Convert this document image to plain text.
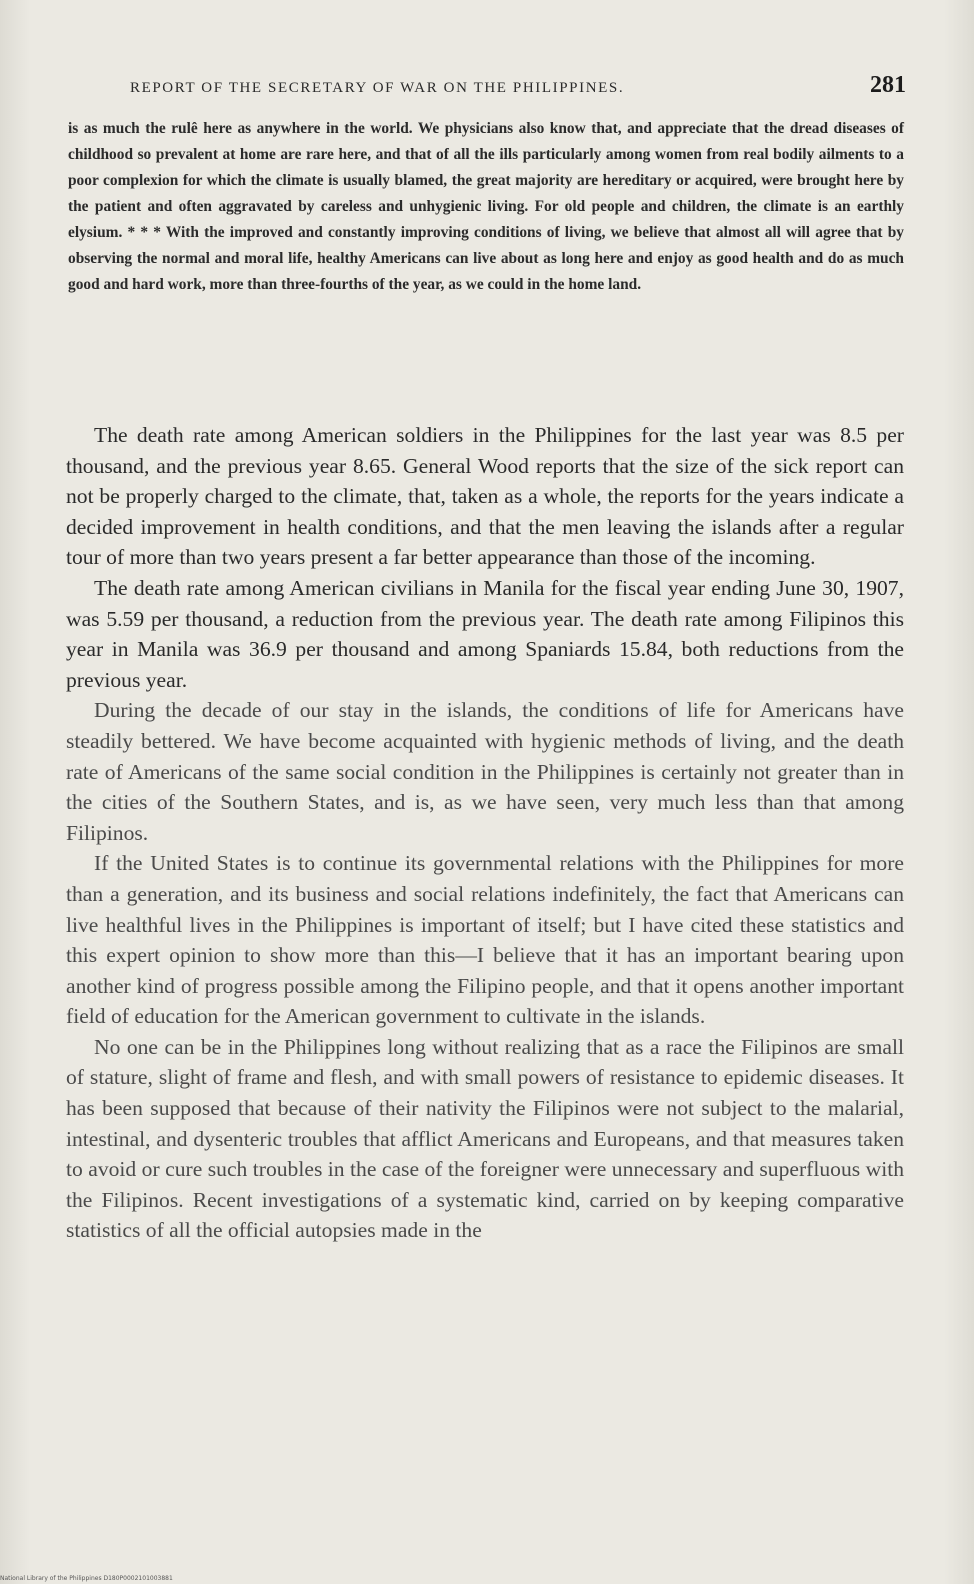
REPORT OF THE SECRETARY OF WAR ON THE PHILIPPINES.	281

is as much the rulê here as anywhere in the world. We physicians also know that, and appreciate that the dread diseases of childhood so prevalent at home are rare here, and that of all the ills particularly among women from real bodily ailments to a poor complexion for which the climate is usually blamed, the great majority are hereditary or acquired, were brought here by the patient and often aggravated by careless and unhygienic living. For old people and children, the climate is an earthly elysium. * * * With the improved and constantly improving conditions of living, we believe that almost all will agree that by observing the normal and moral life, healthy Americans can live about as long here and enjoy as good health and do as much good and hard work, more than three-fourths of the year, as we could in the home land.

The death rate among American soldiers in the Philippines for the last year was 8.5 per thousand, and the previous year 8.65. General Wood reports that the size of the sick report can not be properly charged to the climate, that, taken as a whole, the reports for the years indicate a decided improvement in health conditions, and that the men leaving the islands after a regular tour of more than two years present a far better appearance than those of the incoming.

The death rate among American civilians in Manila for the fiscal year ending June 30, 1907, was 5.59 per thousand, a reduction from the previous year. The death rate among Filipinos this year in Manila was 36.9 per thousand and among Spaniards 15.84, both reductions from the previous year.

During the decade of our stay in the islands, the conditions of life for Americans have steadily bettered. We have become acquainted with hygienic methods of living, and the death rate of Americans of the same social condition in the Philippines is certainly not greater than in the cities of the Southern States, and is, as we have seen, very much less than that among Filipinos.

If the United States is to continue its governmental relations with the Philippines for more than a generation, and its business and social relations indefinitely, the fact that Americans can live healthful lives in the Philippines is important of itself; but I have cited these statistics and this expert opinion to show more than this—I believe that it has an important bearing upon another kind of progress possible among the Filipino people, and that it opens another important field of education for the American government to cultivate in the islands.

No one can be in the Philippines long without realizing that as a race the Filipinos are small of stature, slight of frame and flesh, and with small powers of resistance to epidemic diseases. It has been supposed that because of their nativity the Filipinos were not subject to the malarial, intestinal, and dysenteric troubles that afflict Americans and Europeans, and that measures taken to avoid or cure such troubles in the case of the foreigner were unnecessary and superfluous with the Filipinos. Recent investigations of a systematic kind, carried on by keeping comparative statistics of all the official autopsies made in the

National Library of the Philippines D180P0002101003881
